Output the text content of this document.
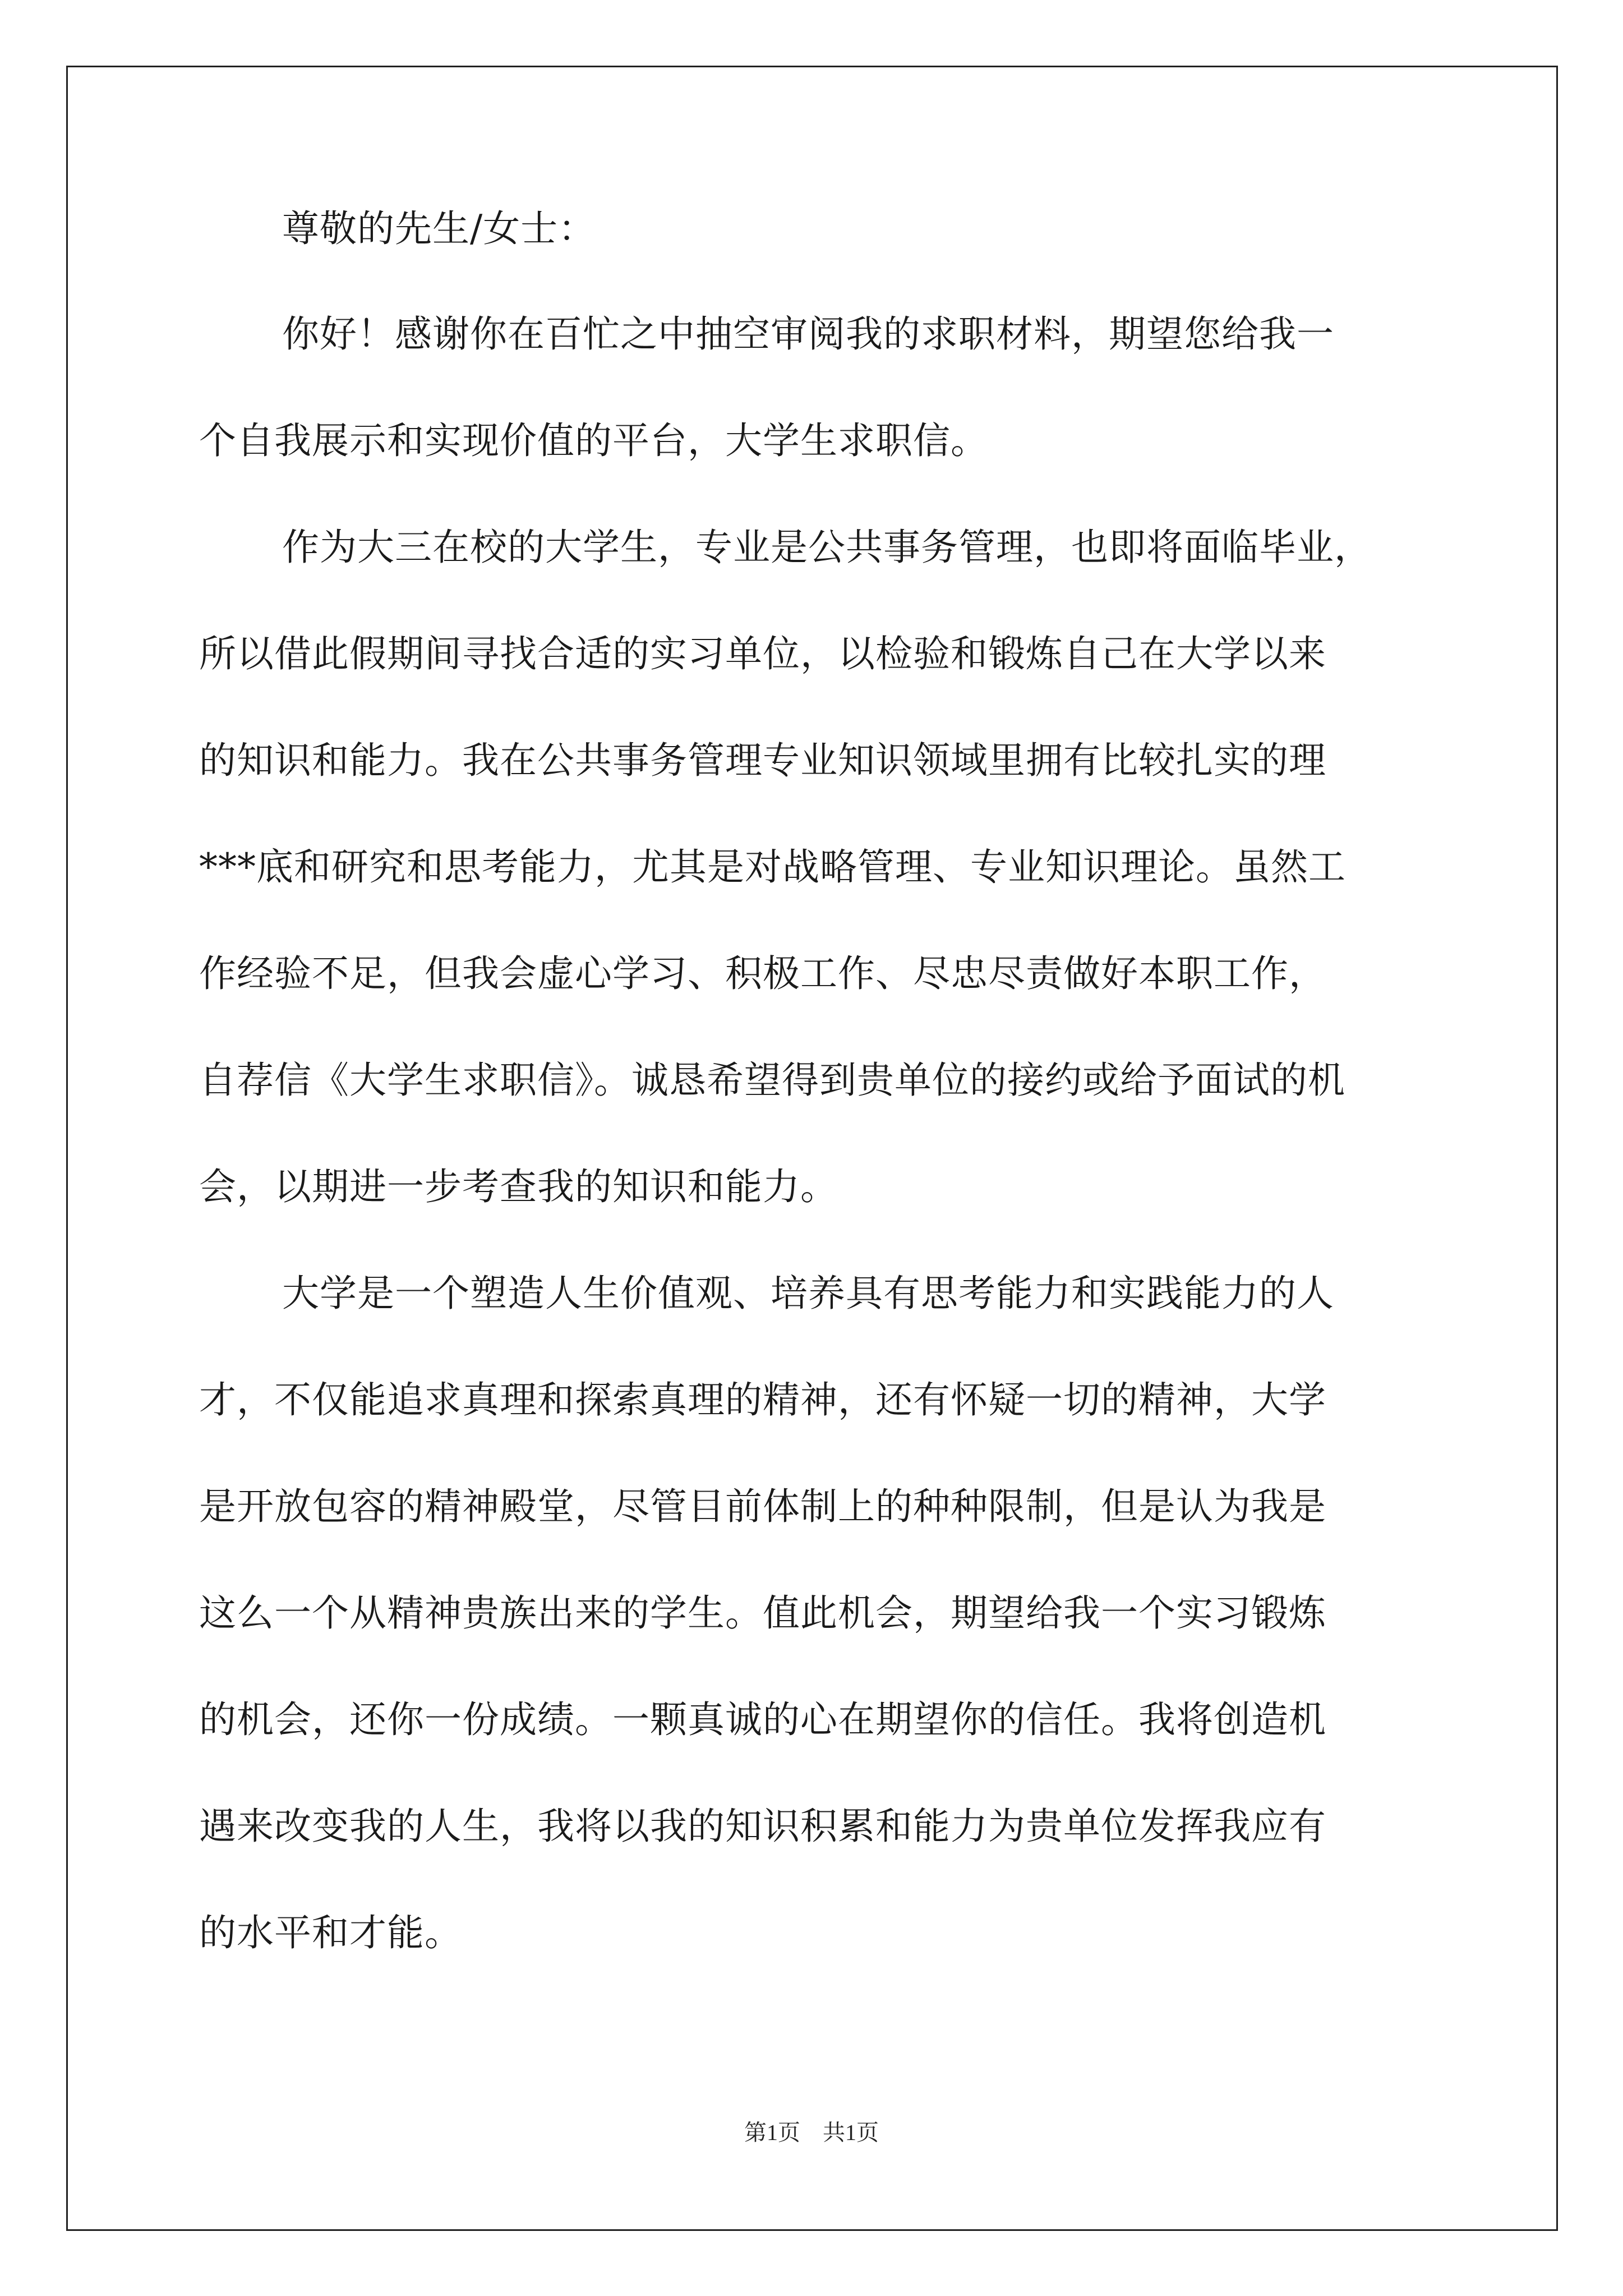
尊敬的先生/女士：
你好！感谢你在百忙之中抽空审阅我的求职材料，期望您给我一
个自我展示和实现价值的平台，大学生求职信。
作为大三在校的大学生，专业是公共事务管理，也即将面临毕业，
所以借此假期间寻找合适的实习单位，以检验和锻炼自己在大学以来
的知识和能力。我在公共事务管理专业知识领域里拥有比较扎实的理
***底和研究和思考能力，尤其是对战略管理、专业知识理论。虽然工
作经验不足，但我会虚心学习、积极工作、尽忠尽责做好本职工作，
自荐信《大学生求职信》。诚恳希望得到贵单位的接约或给予面试的机
会，以期进一步考查我的知识和能力。
大学是一个塑造人生价值观、培养具有思考能力和实践能力的人
才，不仅能追求真理和探索真理的精神，还有怀疑一切的精神，大学
是开放包容的精神殿堂，尽管目前体制上的种种限制，但是认为我是
这么一个从精神贵族出来的学生。值此机会，期望给我一个实习锻炼
的机会，还你一份成绩。一颗真诚的心在期望你的信任。我将创造机
遇来改变我的人生，我将以我的知识积累和能力为贵单位发挥我应有
的水平和才能。
第1页　共1页
